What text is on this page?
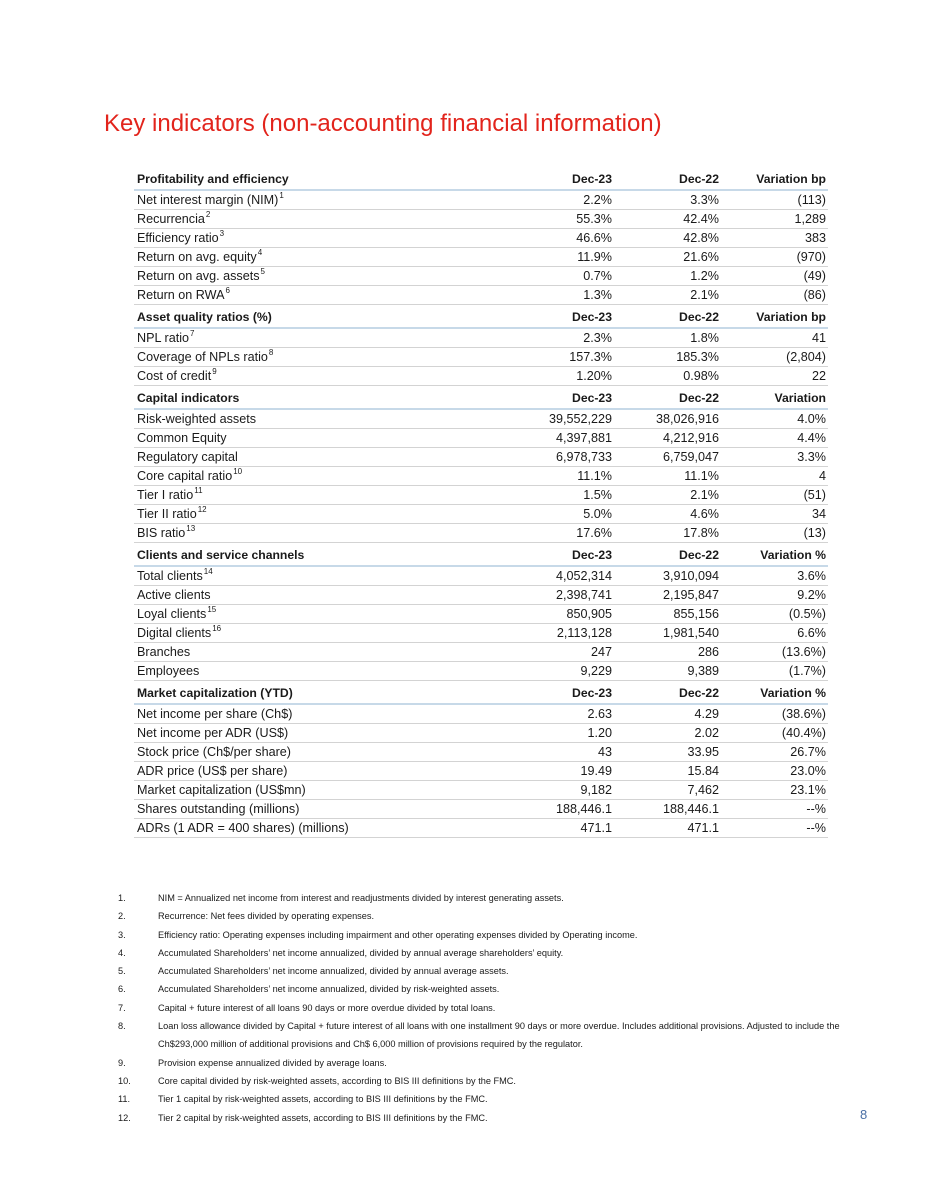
Key indicators (non-accounting financial information)
Profitability and efficiency	Dec-23	Dec-22	Variation bp
Net interest margin (NIM)$^1$	2.2%	3.3%	(113)
Recurrencia$^2$	55.3%	42.4%	1,289
Efficiency ratio$^3$	46.6%	42.8%	383
Return on avg. equity$^4$	11.9%	21.6%	(970)
Return on avg. assets$^5$	0.7%	1.2%	(49)
Return on RWA$^6$	1.3%	2.1%	(86)
Asset quality ratios (%)	Dec-23	Dec-22	Variation bp
NPL ratio$^7$	2.3%	1.8%	41
Coverage of NPLs ratio$^8$	157.3%	185.3%	(2,804)
Cost of credit$^9$	1.20%	0.98%	22
Capital indicators	Dec-23	Dec-22	Variation
Risk-weighted assets	39,552,229	38,026,916	4.0%
Common Equity	4,397,881	4,212,916	4.4%
Regulatory capital	6,978,733	6,759,047	3.3%
Core capital ratio$^{10}$	11.1%	11.1%	4
Tier I ratio$^{11}$	1.5%	2.1%	(51)
Tier II ratio$^{12}$	5.0%	4.6%	34
BIS ratio$^{13}$	17.6%	17.8%	(13)
Clients and service channels	Dec-23	Dec-22	Variation %
Total clients$^{14}$	4,052,314	3,910,094	3.6%
Active clients	2,398,741	2,195,847	9.2%
Loyal clients$^{15}$	850,905	855,156	(0.5%)
Digital clients$^{16}$	2,113,128	1,981,540	6.6%
Branches	247	286	(13.6%)
Employees	9,229	9,389	(1.7%)
Market capitalization (YTD)	Dec-23	Dec-22	Variation %
Net income per share (Ch$)	2.63	4.29	(38.6%)
Net income per ADR (US$)	1.20	2.02	(40.4%)
Stock price (Ch$/per share)	43	33.95	26.7%
ADR price (US$ per share)	19.49	15.84	23.0%
Market capitalization (US$mn)	9,182	7,462	23.1%
Shares outstanding (millions)	188,446.1	188,446.1	--%
ADRs (1 ADR = 400 shares) (millions)	471.1	471.1	--%
1.	NIM = Annualized net income from interest and readjustments divided by interest generating assets.
2.	Recurrence: Net fees divided by operating expenses.
3.	Efficiency ratio: Operating expenses including impairment and other operating expenses divided by Operating income.
4.	Accumulated Shareholders’ net income annualized, divided by annual average shareholders’ equity.
5.	Accumulated Shareholders’ net income annualized, divided by annual average assets.
6.	Accumulated Shareholders’ net income annualized, divided by risk-weighted assets.
7.	Capital + future interest of all loans 90 days or more overdue divided by total loans.
8.	Loan loss allowance divided by Capital + future interest of all loans with one installment 90 days or more overdue. Includes additional provisions. Adjusted to include the Ch$293,000 million of additional provisions and Ch$ 6,000 million of provisions required by the regulator.
9.	Provision expense annualized divided by average loans.
10.	Core capital divided by risk-weighted assets, according to BIS III definitions by the FMC.
11.	Tier 1 capital by risk-weighted assets, according to BIS III definitions by the FMC.
12.	Tier 2 capital by risk-weighted assets, according to BIS III definitions by the FMC.	8
